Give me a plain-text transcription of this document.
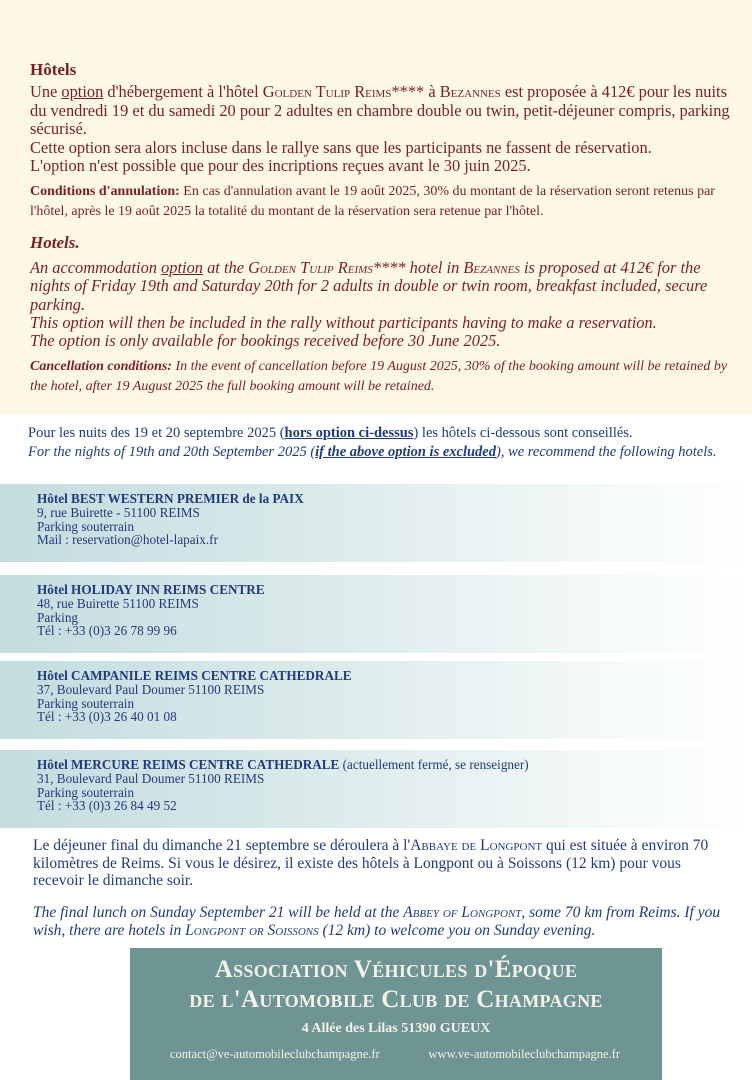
Hôtels
Une option d'hébergement à l'hôtel Golden Tulip Reims**** à Bezannes est proposée à 412€ pour les nuits du vendredi 19 et du samedi 20 pour 2 adultes en chambre double ou twin, petit-déjeuner compris, parking sécurisé.
Cette option sera alors incluse dans le rallye sans que les participants ne fassent de réservation.
L'option n'est possible que pour des incriptions reçues avant le 30 juin 2025.
Conditions d'annulation: En cas d'annulation avant le 19 août 2025, 30% du montant de la réservation seront retenus par l'hôtel, après le 19 août 2025 la totalité du montant de la réservation sera retenue par l'hôtel.
Hotels.
An accommodation option at the Golden Tulip Reims**** hotel in Bezannes is proposed at 412€ for the nights of Friday 19th and Saturday 20th for 2 adults in double or twin room, breakfast included, secure parking.
This option will then be included in the rally without participants having to make a reservation.
The option is only available for bookings received before 30 June 2025.
Cancellation conditions: In the event of cancellation before 19 August 2025, 30% of the booking amount will be retained by the hotel, after 19 August 2025 the full booking amount will be retained.
Pour les nuits des 19 et 20 septembre 2025 (hors option ci-dessus) les hôtels ci-dessous sont conseillés.
For the nights of 19th and 20th September 2025 (if the above option is excluded), we recommend the following hotels.
Hôtel BEST WESTERN PREMIER de la PAIX
9, rue Buirette - 51100 REIMS
Parking souterrain
Mail : reservation@hotel-lapaix.fr
Hôtel HOLIDAY INN REIMS CENTRE
48, rue Buirette 51100 REIMS
Parking
Tél : +33 (0)3 26 78 99 96
Hôtel CAMPANILE REIMS CENTRE CATHEDRALE
37, Boulevard Paul Doumer 51100 REIMS
Parking souterrain
Tél : +33 (0)3 26 40 01 08
Hôtel MERCURE REIMS CENTRE CATHEDRALE (actuellement fermé, se renseigner)
31, Boulevard Paul Doumer 51100 REIMS
Parking souterrain
Tél : +33 (0)3 26 84 49 52
Le déjeuner final du dimanche 21 septembre se déroulera à l'Abbaye de Longpont qui est située à environ 70 kilomètres de Reims. Si vous le désirez, il existe des hôtels à Longpont ou à Soissons (12 km) pour vous recevoir le dimanche soir.
The final lunch on Sunday September 21 will be held at the Abbey of Longpont, some 70 km from Reims. If you wish, there are hotels in Longpont or Soissons (12 km) to welcome you on Sunday evening.
Association Véhicules d'Époque
de l'Automobile Club de Champagne
4 Allée des Lilas 51390 GUEUX
contact@ve-automobileclubchampagne.fr	www.ve-automobileclubchampagne.fr
